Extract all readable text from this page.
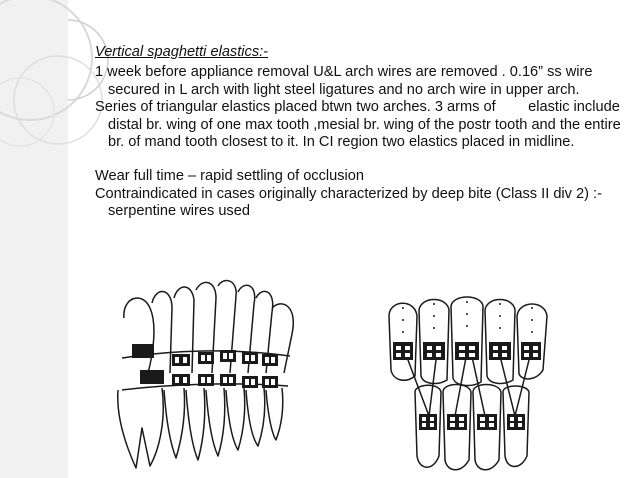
Vertical spaghetti elastics:-
1 week before appliance removal U&L arch wires are removed . 0.16” ss wire secured in L arch with light steel ligatures and no arch wire in upper arch.
Series of triangular elastics placed btwn two arches. 3 arms of        elastic include distal br. wing of one max tooth ,mesial br. wing of the postr tooth and the entire br. of mand tooth closest to it. In CI region two elastics placed in midline.
Wear full time – rapid settling of occlusion
Contraindicated in cases originally characterized by deep bite (Class II div 2) :- serpentine wires used
